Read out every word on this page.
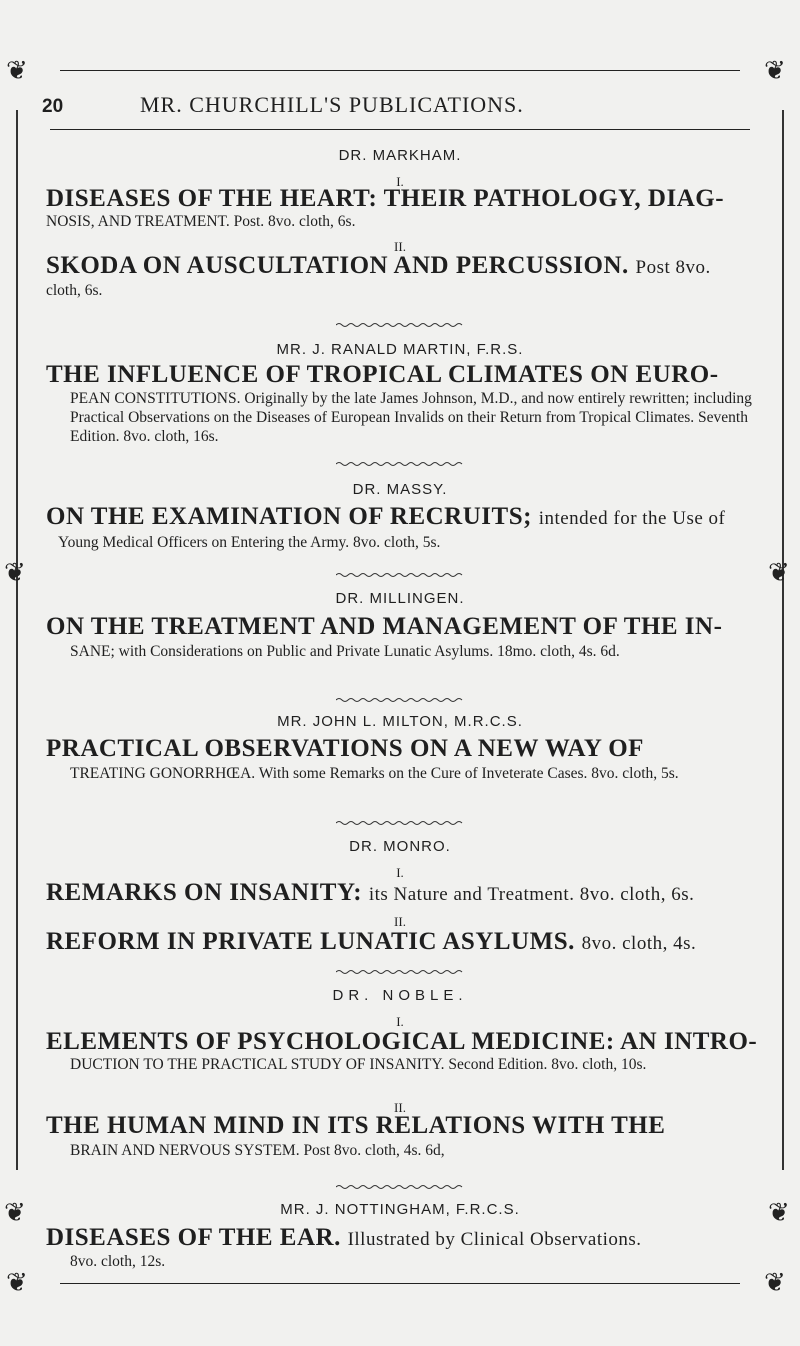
❦	❦
20	MR. CHURCHILL'S PUBLICATIONS.
DR. MARKHAM.
I.
DISEASES OF THE HEART: THEIR PATHOLOGY, DIAG-
NOSIS, AND TREATMENT. Post. 8vo. cloth, 6s.
II.
SKODA ON AUSCULTATION AND PERCUSSION. Post 8vo.
cloth, 6s.
MR. J. RANALD MARTIN, F.R.S.
THE INFLUENCE OF TROPICAL CLIMATES ON EURO-
PEAN CONSTITUTIONS. Originally by the late James Johnson, M.D., and now entirely rewritten; including Practical Observations on the Diseases of European Invalids on their Return from Tropical Climates. Seventh Edition. 8vo. cloth, 16s.
DR. MASSY.
ON THE EXAMINATION OF RECRUITS; intended for the Use of
Young Medical Officers on Entering the Army. 8vo. cloth, 5s.
❦	❦
DR. MILLINGEN.
ON THE TREATMENT AND MANAGEMENT OF THE IN-
SANE; with Considerations on Public and Private Lunatic Asylums. 18mo. cloth, 4s. 6d.
MR. JOHN L. MILTON, M.R.C.S.
PRACTICAL OBSERVATIONS ON A NEW WAY OF
TREATING GONORRHŒA. With some Remarks on the Cure of Inveterate Cases. 8vo. cloth, 5s.
DR. MONRO.
I.
REMARKS ON INSANITY: its Nature and Treatment. 8vo. cloth, 6s.
II.
REFORM IN PRIVATE LUNATIC ASYLUMS. 8vo. cloth, 4s.
DR. NOBLE.
I.
ELEMENTS OF PSYCHOLOGICAL MEDICINE: AN INTRO-
DUCTION TO THE PRACTICAL STUDY OF INSANITY. Second Edition. 8vo. cloth, 10s.
II.
THE HUMAN MIND IN ITS RELATIONS WITH THE
BRAIN AND NERVOUS SYSTEM. Post 8vo. cloth, 4s. 6d,
MR. J. NOTTINGHAM, F.R.C.S.
DISEASES OF THE EAR. Illustrated by Clinical Observations.
8vo. cloth, 12s.
❦	❦
❦	❦
